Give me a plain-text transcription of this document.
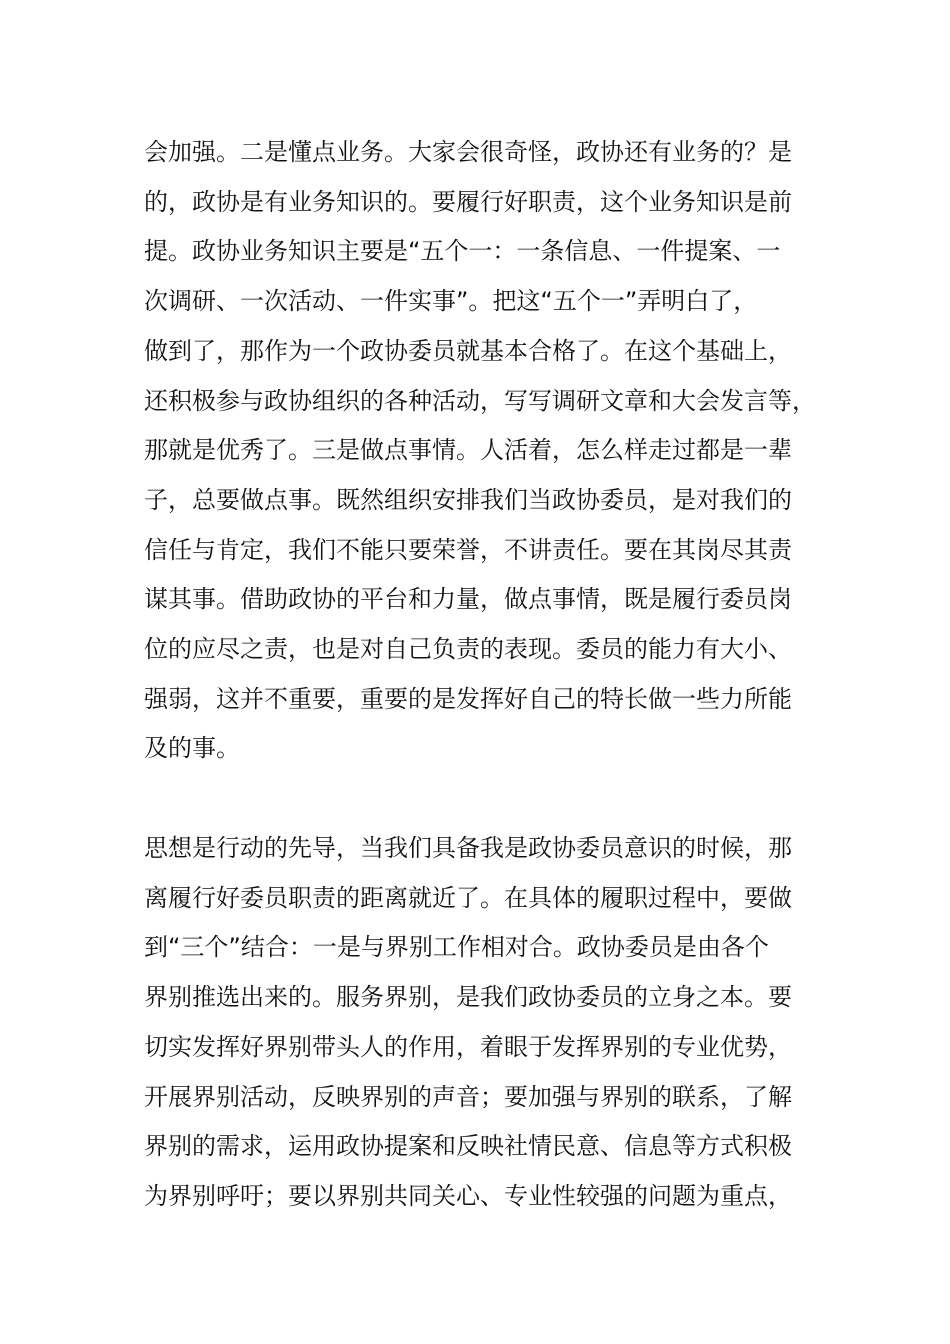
会加强。二是懂点业务。大家会很奇怪，政协还有业务的？是
的，政协是有业务知识的。要履行好职责，这个业务知识是前
提。政协业务知识主要是“五个一：一条信息、一件提案、一
次调研、一次活动、一件实事”。把这“五个一”弄明白了，
做到了，那作为一个政协委员就基本合格了。在这个基础上，
还积极参与政协组织的各种活动，写写调研文章和大会发言等，
那就是优秀了。三是做点事情。人活着，怎么样走过都是一辈
子，总要做点事。既然组织安排我们当政协委员，是对我们的
信任与肯定，我们不能只要荣誉，不讲责任。要在其岗尽其责
谋其事。借助政协的平台和力量，做点事情，既是履行委员岗
位的应尽之责，也是对自己负责的表现。委员的能力有大小、
强弱，这并不重要，重要的是发挥好自己的特长做一些力所能
及的事。

思想是行动的先导，当我们具备我是政协委员意识的时候，那
离履行好委员职责的距离就近了。在具体的履职过程中，要做
到“三个”结合：一是与界别工作相对合。政协委员是由各个
界别推选出来的。服务界别，是我们政协委员的立身之本。要
切实发挥好界别带头人的作用，着眼于发挥界别的专业优势，
开展界别活动，反映界别的声音；要加强与界别的联系，了解
界别的需求，运用政协提案和反映社情民意、信息等方式积极
为界别呼吁；要以界别共同关心、专业性较强的问题为重点，
